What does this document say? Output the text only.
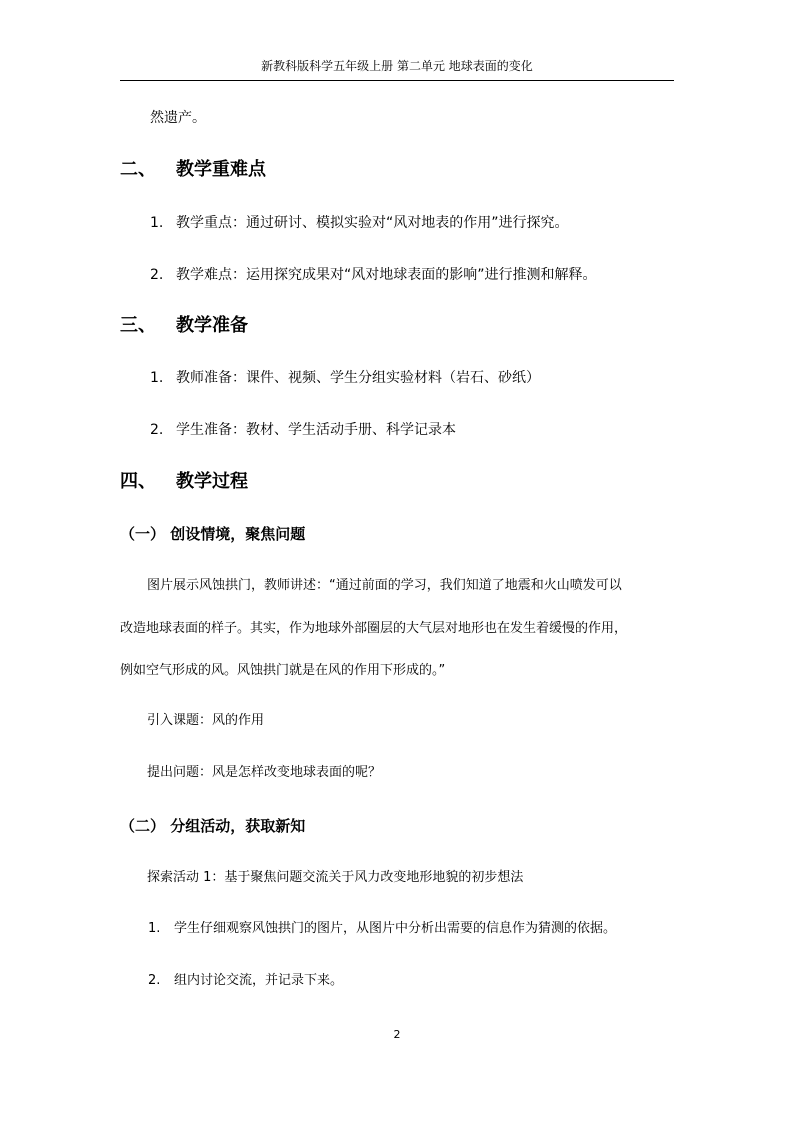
新教科版科学五年级上册 第二单元 地球表面的变化
然遗产。
二、 教学重难点
1. 教学重点：通过研讨、模拟实验对“风对地表的作用”进行探究。
2. 教学难点：运用探究成果对“风对地球表面的影响”进行推测和解释。
三、 教学准备
1. 教师准备：课件、视频、学生分组实验材料（岩石、砂纸）
2. 学生准备：教材、学生活动手册、科学记录本
四、 教学过程
（一） 创设情境，聚焦问题
图片展示风蚀拱门，教师讲述：“通过前面的学习，我们知道了地震和火山喷发可以
改造地球表面的样子。其实，作为地球外部圈层的大气层对地形也在发生着缓慢的作用，
例如空气形成的风。风蚀拱门就是在风的作用下形成的。”
引入课题：风的作用
提出问题：风是怎样改变地球表面的呢？
（二） 分组活动，获取新知
探索活动 1：基于聚焦问题交流关于风力改变地形地貌的初步想法
1. 学生仔细观察风蚀拱门的图片，从图片中分析出需要的信息作为猜测的依据。
2. 组内讨论交流，并记录下来。
2
